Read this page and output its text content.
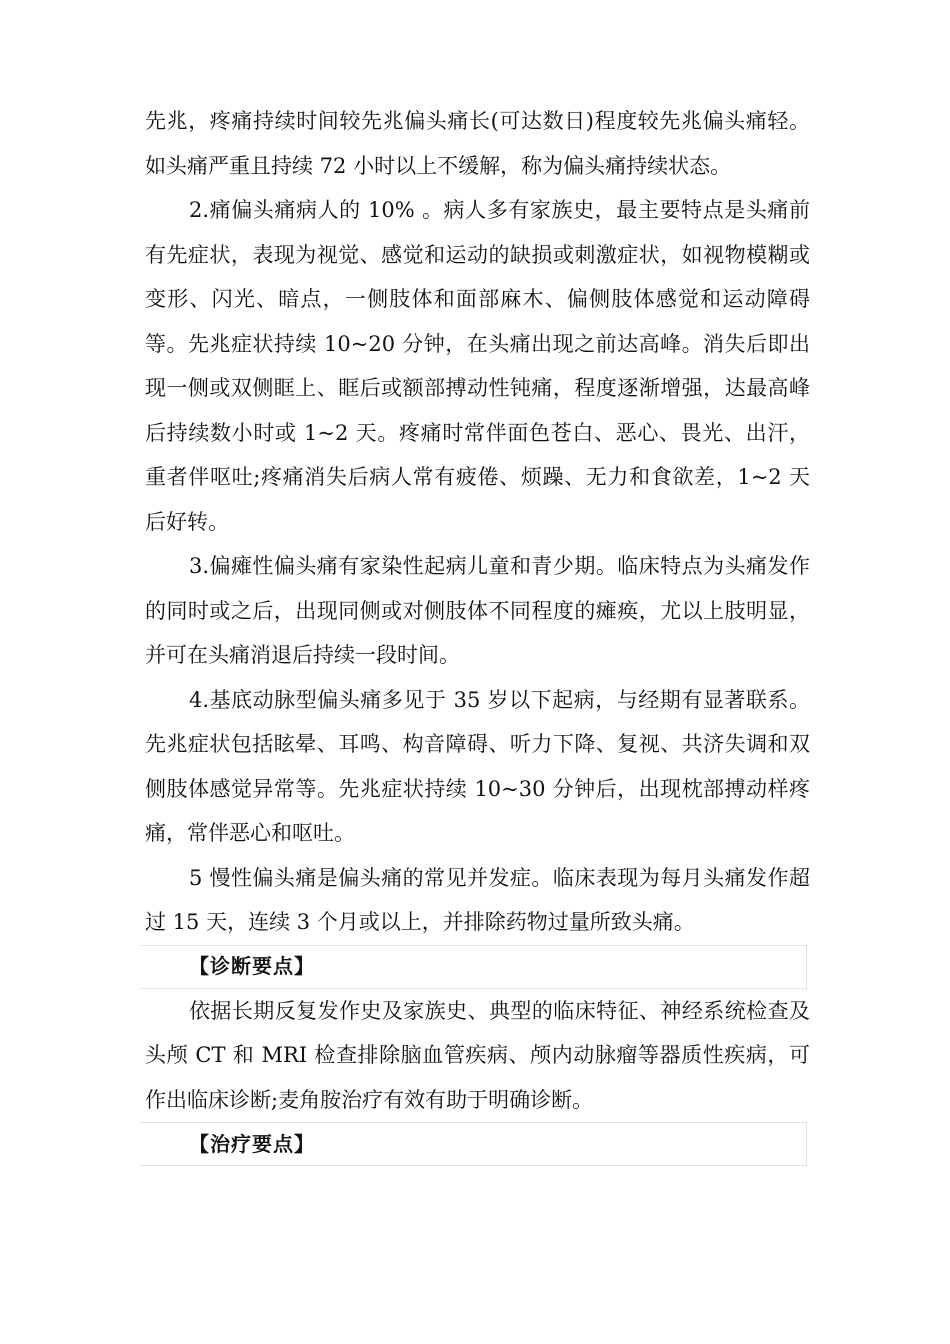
先兆，疼痛持续时间较先兆偏头痛长(可达数日)程度较先兆偏头痛轻。如头痛严重且持续 72 小时以上不缓解，称为偏头痛持续状态。

2.痛偏头痛病人的 10% 。病人多有家族史，最主要特点是头痛前有先症状，表现为视觉、感觉和运动的缺损或刺激症状，如视物模糊或变形、闪光、暗点，一侧肢体和面部麻木、偏侧肢体感觉和运动障碍等。先兆症状持续 10~20 分钟，在头痛出现之前达高峰。消失后即出现一侧或双侧眶上、眶后或额部搏动性钝痛，程度逐渐增强，达最高峰后持续数小时或 1~2 天。疼痛时常伴面色苍白、恶心、畏光、出汗，重者伴呕吐;疼痛消失后病人常有疲倦、烦躁、无力和食欲差，1~2 天后好转。

3.偏瘫性偏头痛有家染性起病儿童和青少期。临床特点为头痛发作的同时或之后，出现同侧或对侧肢体不同程度的瘫痪，尤以上肢明显，并可在头痛消退后持续一段时间。

4.基底动脉型偏头痛多见于 35 岁以下起病，与经期有显著联系。先兆症状包括眩晕、耳鸣、构音障碍、听力下降、复视、共济失调和双侧肢体感觉异常等。先兆症状持续 10~30 分钟后，出现枕部搏动样疼痛，常伴恶心和呕吐。

5 慢性偏头痛是偏头痛的常见并发症。临床表现为每月头痛发作超过 15 天，连续 3 个月或以上，并排除药物过量所致头痛。

【诊断要点】

依据长期反复发作史及家族史、典型的临床特征、神经系统检查及头颅 CT 和 MRI 检查排除脑血管疾病、颅内动脉瘤等器质性疾病，可作出临床诊断;麦角胺治疗有效有助于明确诊断。

【治疗要点】
